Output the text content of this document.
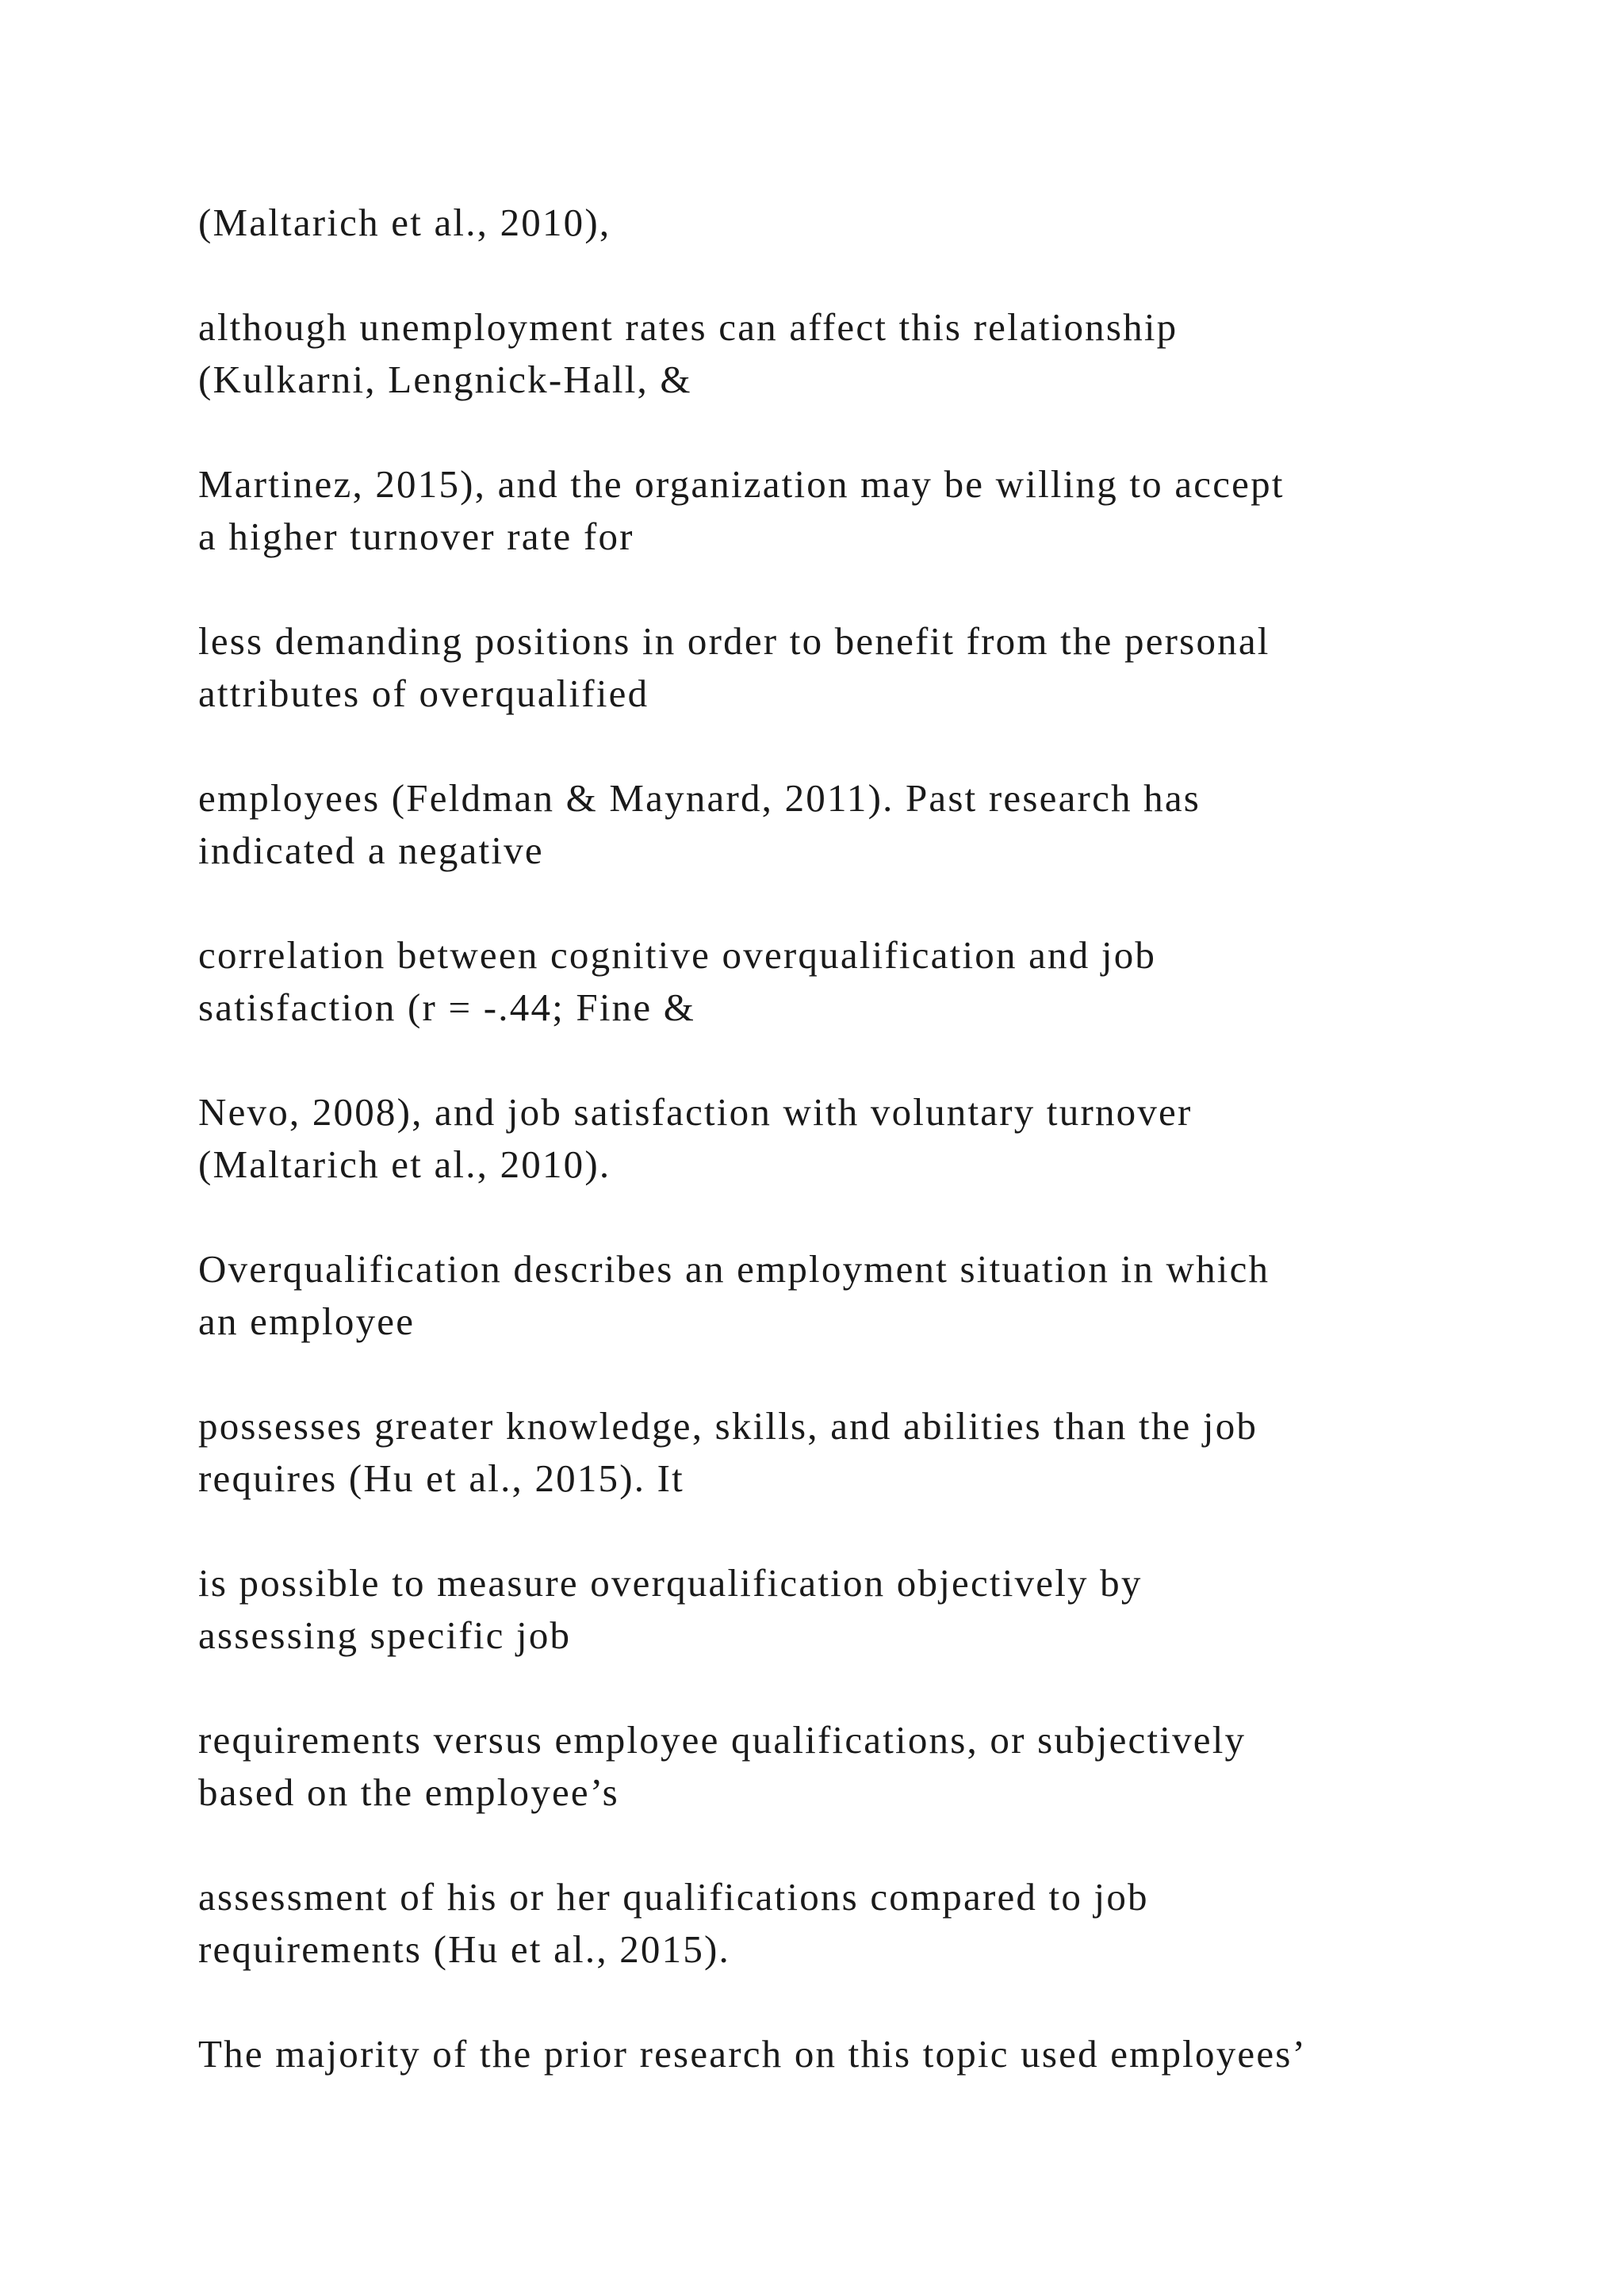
(Maltarich et al., 2010),

although unemployment rates can affect this relationship
(Kulkarni, Lengnick-Hall, &

Martinez, 2015), and the organization may be willing to accept
a higher turnover rate for

less demanding positions in order to benefit from the personal
attributes of overqualified

employees (Feldman & Maynard, 2011). Past research has
indicated a negative

correlation between cognitive overqualification and job
satisfaction (r = -.44; Fine &

Nevo, 2008), and job satisfaction with voluntary turnover
(Maltarich et al., 2010).

Overqualification describes an employment situation in which
an employee

possesses greater knowledge, skills, and abilities than the job
requires (Hu et al., 2015). It

is possible to measure overqualification objectively by
assessing specific job

requirements versus employee qualifications, or subjectively
based on the employee’s

assessment of his or her qualifications compared to job
requirements (Hu et al., 2015).

The majority of the prior research on this topic used employees’
